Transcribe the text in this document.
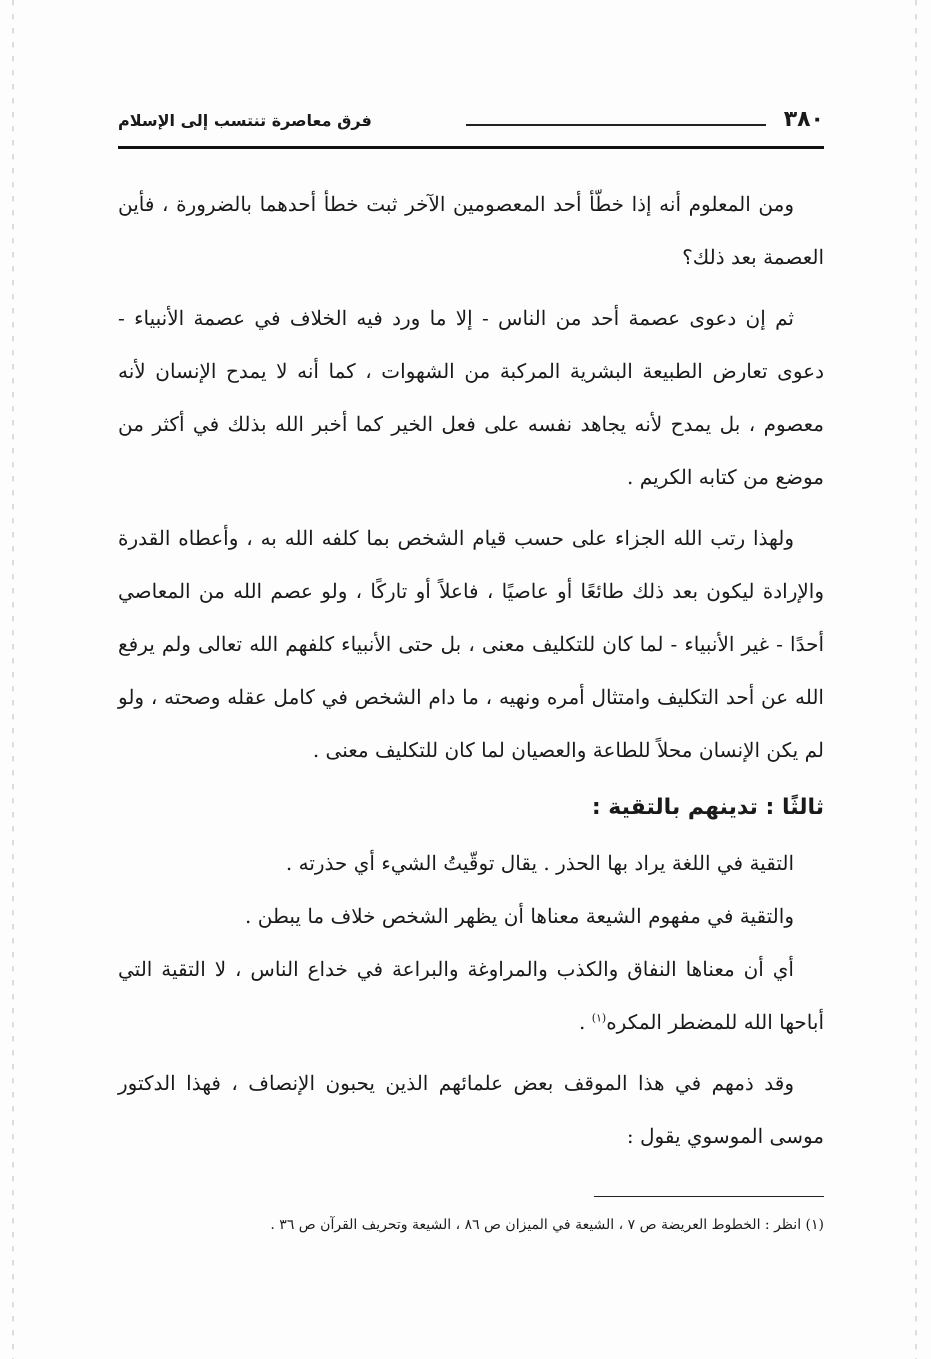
٣٨٠
فرق معاصرة تنتسب إلى الإسلام

ومن المعلوم أنه إذا خطّأ أحد المعصومين الآخر ثبت خطأ أحدهما بالضرورة ، فأين العصمة بعد ذلك؟

ثم إن دعوى عصمة أحد من الناس - إلا ما ورد فيه الخلاف في عصمة الأنبياء - دعوى تعارض الطبيعة البشرية المركبة من الشهوات ، كما أنه لا يمدح الإنسان لأنه معصوم ، بل يمدح لأنه يجاهد نفسه على فعل الخير كما أخبر الله بذلك في أكثر من موضع من كتابه الكريم .

ولهذا رتب الله الجزاء على حسب قيام الشخص بما كلفه الله به ، وأعطاه القدرة والإرادة ليكون بعد ذلك طائعًا أو عاصيًا ، فاعلاً أو تاركًا ، ولو عصم الله من المعاصي أحدًا - غير الأنبياء - لما كان للتكليف معنى ، بل حتى الأنبياء كلفهم الله تعالى ولم يرفع الله عن أحد التكليف وامتثال أمره ونهيه ، ما دام الشخص في كامل عقله وصحته ، ولو لم يكن الإنسان محلاً للطاعة والعصيان لما كان للتكليف معنى .

ثالثًا : تدينهم بالتقية :

التقية في اللغة يراد بها الحذر . يقال توقّيتُ الشيء أي حذرته .

والتقية في مفهوم الشيعة معناها أن يظهر الشخص خلاف ما يبطن .

أي أن معناها النفاق والكذب والمراوغة والبراعة في خداع الناس ، لا التقية التي أباحها الله للمضطر المكره$^{(١)}$ .

وقد ذمهم في هذا الموقف بعض علمائهم الذين يحبون الإنصاف ، فهذا الدكتور موسى الموسوي يقول :

(١) انظر : الخطوط العريضة ص ٧ ، الشيعة في الميزان ص ٨٦ ، الشيعة وتحريف القرآن ص ٣٦ .
